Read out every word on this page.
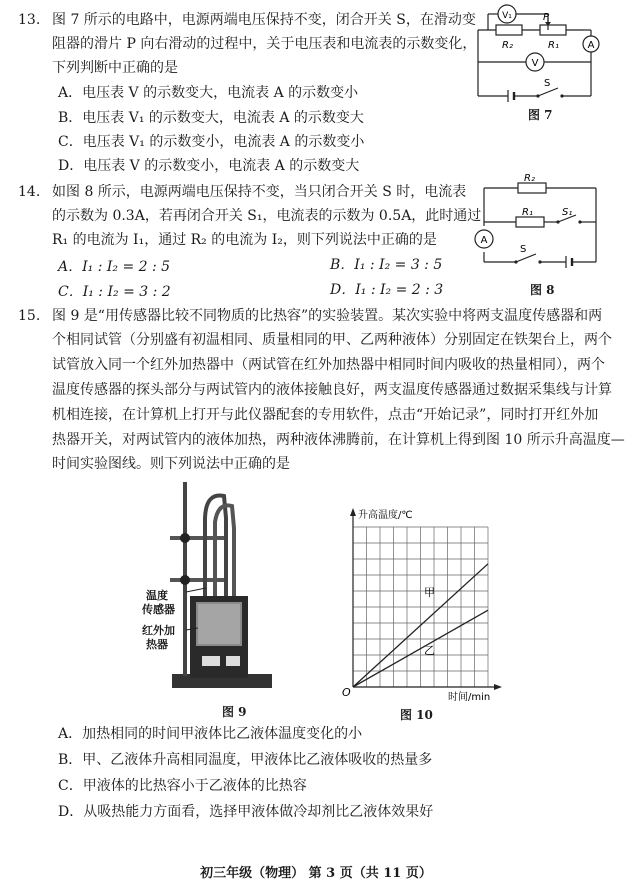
13. 图 7 所示的电路中，电源两端电压保持不变，闭合开关 S，在滑动变
阻器的滑片 P 向右滑动的过程中，关于电压表和电流表的示数变化，
下列判断中正确的是
A．电压表 V 的示数变大，电流表 A 的示数变小
B．电压表 V₁ 的示数变大，电流表 A 的示数变大
C．电压表 V₁ 的示数变小，电流表 A 的示数变小
D．电压表 V 的示数变小，电流表 A 的示数变大
V₁	P
R₂	R₁	A
V
S
图 7
14. 如图 8 所示，电源两端电压保持不变，当只闭合开关 S 时，电流表
的示数为 0.3A，若再闭合开关 S₁，电流表的示数为 0.5A，此时通过
R₁ 的电流为 I₁，通过 R₂ 的电流为 I₂，则下列说法中正确的是
A．I₁ : I₂ = 2 : 5	B．I₁ : I₂ = 3 : 5
C．I₁ : I₂ = 3 : 2	D．I₁ : I₂ = 2 : 3
R₂
R₁	S₁
A
S
图 8
15. 图 9 是“用传感器比较不同物质的比热容”的实验装置。某次实验中将两支温度传感器和两
个相同试管（分别盛有初温相同、质量相同的甲、乙两种液体）分别固定在铁架台上，两个
试管放入同一个红外加热器中（两试管在红外加热器中相同时间内吸收的热量相同），两个
温度传感器的探头部分与两试管内的液体接触良好，两支温度传感器通过数据采集线与计算
机相连接，在计算机上打开与此仪器配套的专用软件，点击“开始记录”，同时打开红外加
热器开关，对两试管内的液体加热，两种液体沸腾前，在计算机上得到图 10 所示升高温度—
时间实验图线。则下列说法中正确的是
温度
传感器
红外加
热器
图 9
升高温度/℃
时间/min
O
甲
乙
图 10
A．加热相同的时间甲液体比乙液体温度变化的小
B．甲、乙液体升高相同温度，甲液体比乙液体吸收的热量多
C．甲液体的比热容小于乙液体的比热容
D．从吸热能力方面看，选择甲液体做冷却剂比乙液体效果好
初三年级（物理） 第 3 页（共 11 页）
